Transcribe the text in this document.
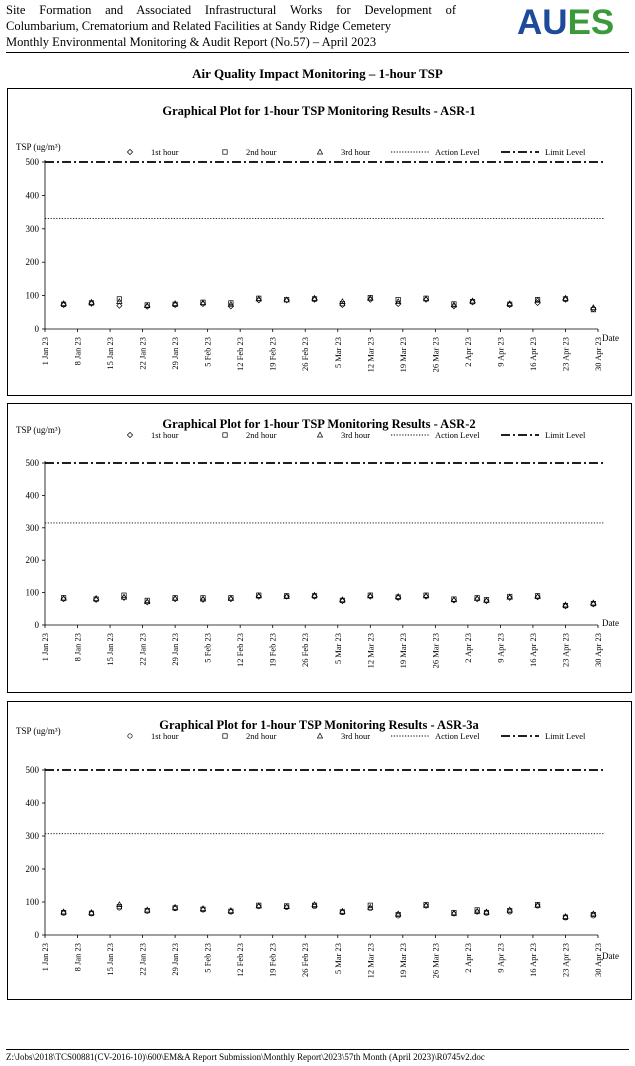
Site Formation and Associated Infrastructural Works for Development of
Columbarium, Crematorium and Related Facilities at Sandy Ridge Cemetery
Monthly Environmental Monitoring & Audit Report (No.57) – April 2023	AUES
Air Quality Impact Monitoring – 1-hour TSP
Graphical Plot for 1-hour TSP Monitoring Results - ASR-1
TSP (ug/m³)	1st hour	2nd hour	3rd hour	Action Level	Limit Level
0
100
200
300
400
500
1 Jan 23	8 Jan 23	15 Jan 23	22 Jan 23	29 Jan 23	5 Feb 23	12 Feb 23	19 Feb 23	26 Feb 23	5 Mar 23	12 Mar 23	19 Mar 23	26 Mar 23	2 Apr 23	9 Apr 23	16 Apr 23	23 Apr 23	30 Apr 23 Date
Graphical Plot for 1-hour TSP Monitoring Results - ASR-2
TSP (ug/m³)	1st hour	2nd hour	3rd hour	Action Level	Limit Level
0
100
200
300
400
500
1 Jan 23	8 Jan 23	15 Jan 23	22 Jan 23	29 Jan 23	5 Feb 23	12 Feb 23	19 Feb 23	26 Feb 23	5 Mar 23	12 Mar 23	19 Mar 23	26 Mar 23	2 Apr 23	9 Apr 23	16 Apr 23	23 Apr 23	30 Apr 23
Date
Graphical Plot for 1-hour TSP Monitoring Results - ASR-3a
TSP (ug/m³)	1st hour	2nd hour	3rd hour	Action Level	Limit Level
0
100
200
300
400
500
1 Jan 23	8 Jan 23	15 Jan 23	22 Jan 23	29 Jan 23	5 Feb 23	12 Feb 23	19 Feb 23	26 Feb 23	5 Mar 23	12 Mar 23	19 Mar 23	26 Mar 23	2 Apr 23	9 Apr 23	16 Apr 23	23 Apr 23	30 Apr 23 Date
Z:\Jobs\2018\TCS00881(CV-2016-10)\600\EM&A Report Submission\Monthly Report\2023\57th Month (April 2023)\R0745v2.doc
